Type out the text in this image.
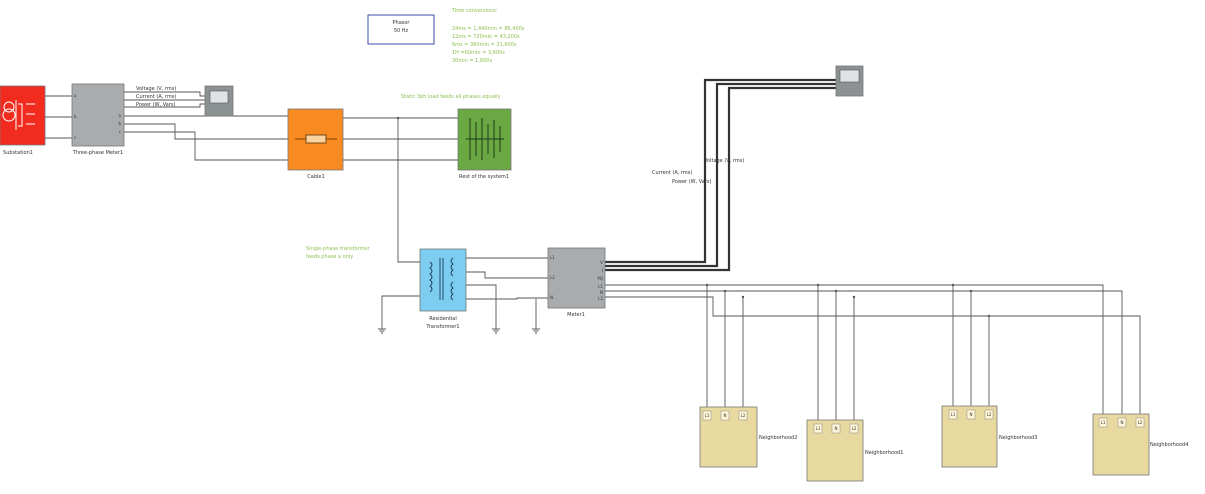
Phasor
50 Hz
Time conversions:
24ms = 1,440min = 86,400s
12ms = 720min = 43,200s
6ms = 360min = 21,600s
1H =60min = 3,600s
30min = 1,800s
Static 3ph load feeds all phases equally
Single-phase transformer
feeds phase a only
Substation1
a
b
c
a
b
c
Three-phase Meter1
Voltage (V, rms)
Current (A, rms)
Power (W, Vars)
Cable1	Rest of the system1
Residential
Transformer1
L1
L2
N
V
I
PQ
L1
N
L2
Meter1
Voltage (V, rms)
Current (A, rms)
Power (W, Vars)
L1	N	L2
Neighborhood2
L1	N	L2
Neighborhood1
L1	N	L2
Neighborhood3
L1	N	L2
Neighborhood4
